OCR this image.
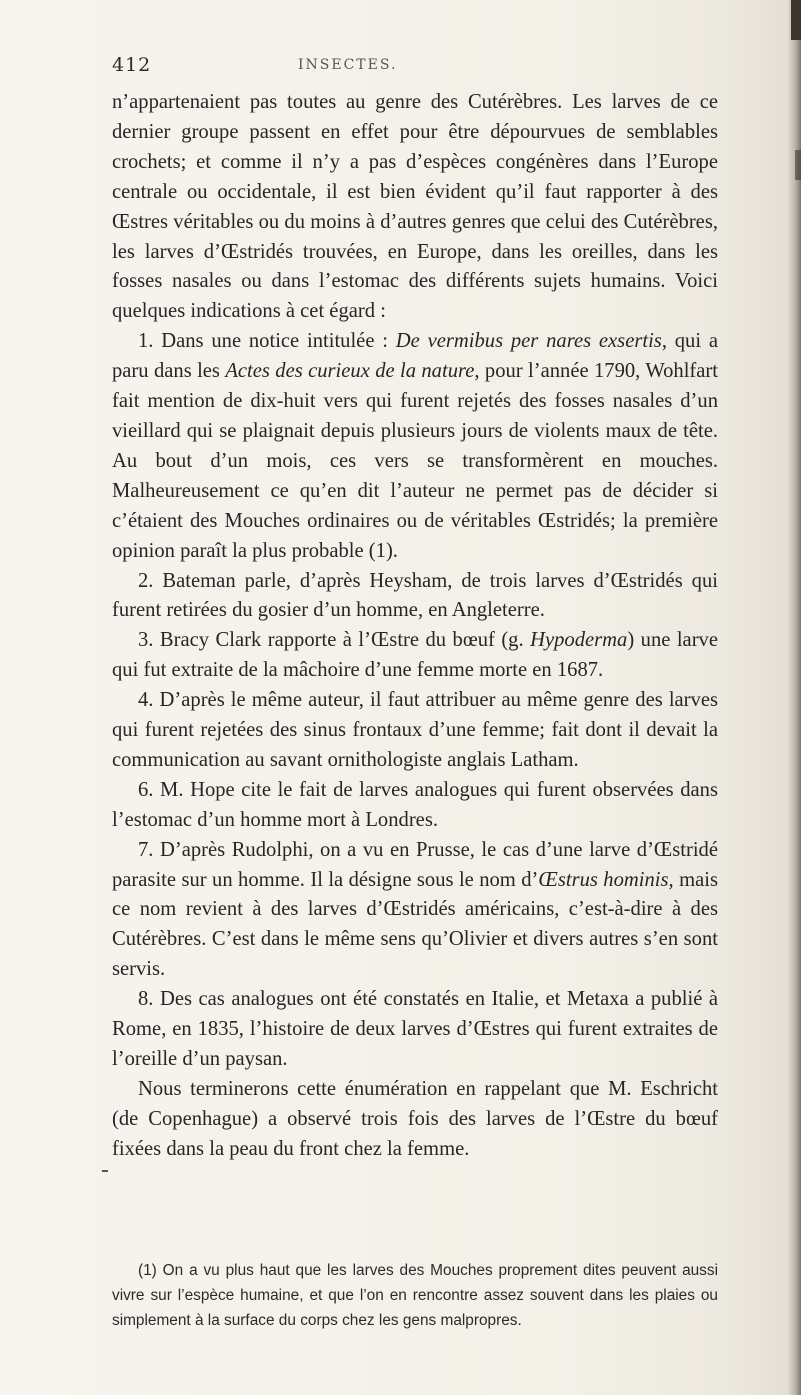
412	INSECTES.

n’appartenaient pas toutes au genre des Cutérèbres. Les larves de ce dernier groupe passent en effet pour être dépourvues de semblables crochets; et comme il n’y a pas d’espèces congénères dans l’Europe centrale ou occidentale, il est bien évident qu’il faut rapporter à des Œstres véritables ou du moins à d’autres genres que celui des Cutérèbres, les larves d’Œstridés trouvées, en Europe, dans les oreilles, dans les fosses nasales ou dans l’estomac des différents sujets humains. Voici quelques indications à cet égard :

1. Dans une notice intitulée : De vermibus per nares exsertis, qui a paru dans les Actes des curieux de la nature, pour l’année 1790, Wohlfart fait mention de dix-huit vers qui furent rejetés des fosses nasales d’un vieillard qui se plaignait depuis plusieurs jours de violents maux de tête. Au bout d’un mois, ces vers se transformèrent en mouches. Malheureusement ce qu’en dit l’auteur ne permet pas de décider si c’étaient des Mouches ordinaires ou de véritables Œstridés; la première opinion paraît la plus probable (1).

2. Bateman parle, d’après Heysham, de trois larves d’Œstridés qui furent retirées du gosier d’un homme, en Angleterre.

3. Bracy Clark rapporte à l’Œstre du bœuf (g. Hypoderma) une larve qui fut extraite de la mâchoire d’une femme morte en 1687.

4. D’après le même auteur, il faut attribuer au même genre des larves qui furent rejetées des sinus frontaux d’une femme; fait dont il devait la communication au savant ornithologiste anglais Latham.

6. M. Hope cite le fait de larves analogues qui furent observées dans l’estomac d’un homme mort à Londres.

7. D’après Rudolphi, on a vu en Prusse, le cas d’une larve d’Œstridé parasite sur un homme. Il la désigne sous le nom d’Œstrus hominis, mais ce nom revient à des larves d’Œstridés américains, c’est-à-dire à des Cutérèbres. C’est dans le même sens qu’Olivier et divers autres s’en sont servis.

8. Des cas analogues ont été constatés en Italie, et Metaxa a publié à Rome, en 1835, l’histoire de deux larves d’Œstres qui furent extraites de l’oreille d’un paysan.

Nous terminerons cette énumération en rappelant que M. Eschricht (de Copenhague) a observé trois fois des larves de l’Œstre du bœuf fixées dans la peau du front chez la femme.

(1) On a vu plus haut que les larves des Mouches proprement dites peuvent aussi vivre sur l’espèce humaine, et que l’on en rencontre assez souvent dans les plaies ou simplement à la surface du corps chez les gens malpropres.
